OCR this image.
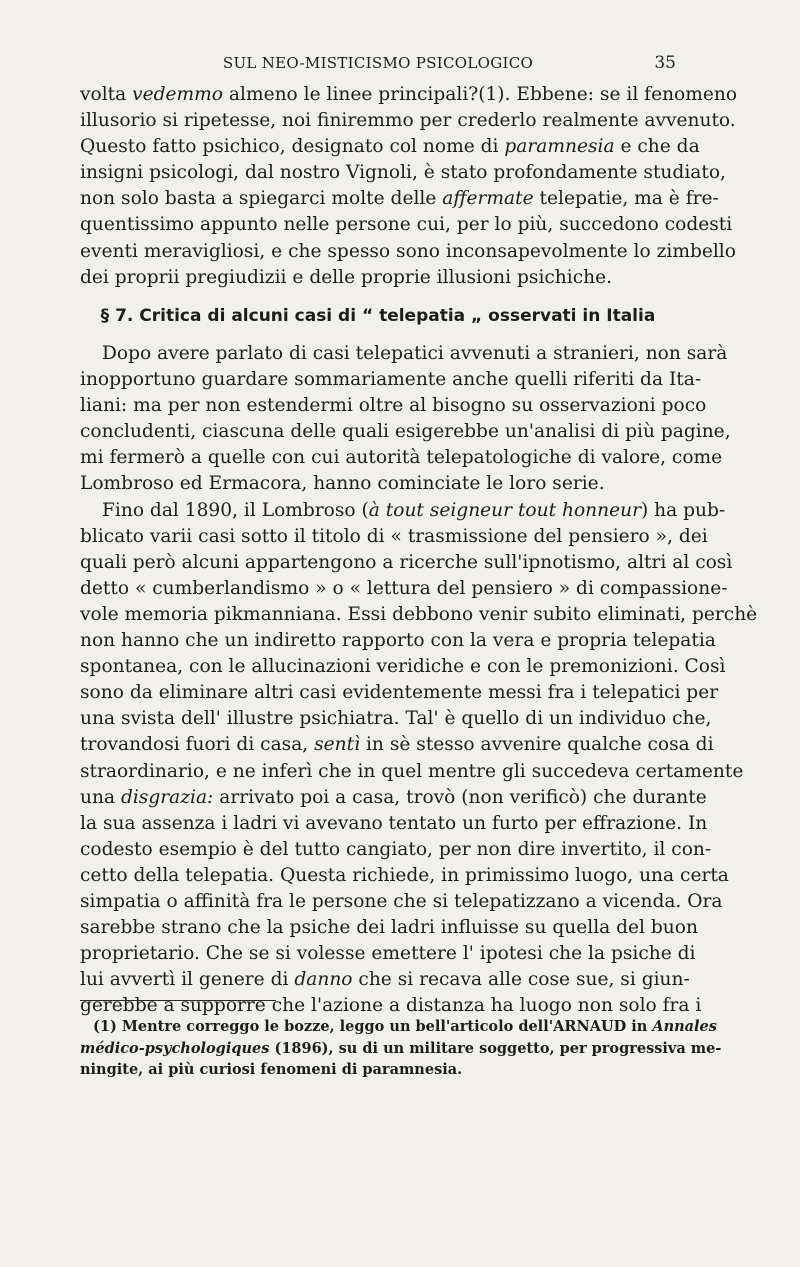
SUL NEO-MISTICISMO PSICOLOGICO	35
volta vedemmo almeno le linee principali?(1). Ebbene: se il fenomeno
illusorio si ripetesse, noi finiremmo per crederlo realmente avvenuto.
Questo fatto psichico, designato col nome di paramnesia e che da
insigni psicologi, dal nostro Vignoli, è stato profondamente studiato,
non solo basta a spiegarci molte delle affermate telepatie, ma è fre-
quentissimo appunto nelle persone cui, per lo più, succedono codesti
eventi meravigliosi, e che spesso sono inconsapevolmente lo zimbello
dei proprii pregiudizii e delle proprie illusioni psichiche.
§ 7. Critica di alcuni casi di “ telepatia „ osservati in Italia
Dopo avere parlato di casi telepatici avvenuti a stranieri, non sarà
inopportuno guardare sommariamente anche quelli riferiti da Ita-
liani: ma per non estendermi oltre al bisogno su osservazioni poco
concludenti, ciascuna delle quali esigerebbe un'analisi di più pagine,
mi fermerò a quelle con cui autorità telepatologiche di valore, come
Lombroso ed Ermacora, hanno cominciate le loro serie.
Fino dal 1890, il Lombroso (à tout seigneur tout honneur) ha pub-
blicato varii casi sotto il titolo di « trasmissione del pensiero », dei
quali però alcuni appartengono a ricerche sull'ipnotismo, altri al così
detto « cumberlandismo » o « lettura del pensiero » di compassione-
vole memoria pikmanniana. Essi debbono venir subito eliminati, perchè
non hanno che un indiretto rapporto con la vera e propria telepatia
spontanea, con le allucinazioni veridiche e con le premonizioni. Così
sono da eliminare altri casi evidentemente messi fra i telepatici per
una svista dell' illustre psichiatra. Tal' è quello di un individuo che,
trovandosi fuori di casa, sentì in sè stesso avvenire qualche cosa di
straordinario, e ne inferì che in quel mentre gli succedeva certamente
una disgrazia: arrivato poi a casa, trovò (non verificò) che durante
la sua assenza i ladri vi avevano tentato un furto per effrazione. In
codesto esempio è del tutto cangiato, per non dire invertito, il con-
cetto della telepatia. Questa richiede, in primissimo luogo, una certa
simpatia o affinità fra le persone che si telepatizzano a vicenda. Ora
sarebbe strano che la psiche dei ladri influisse su quella del buon
proprietario. Che se si volesse emettere l' ipotesi che la psiche di
lui avvertì il genere di danno che si recava alle cose sue, si giun-
gerebbe a supporre che l'azione a distanza ha luogo non solo fra i
(1) Mentre correggo le bozze, leggo un bell'articolo dell'ARNAUD in Annales
médico-psychologiques (1896), su di un militare soggetto, per progressiva me-
ningite, ai più curiosi fenomeni di paramnesia.
